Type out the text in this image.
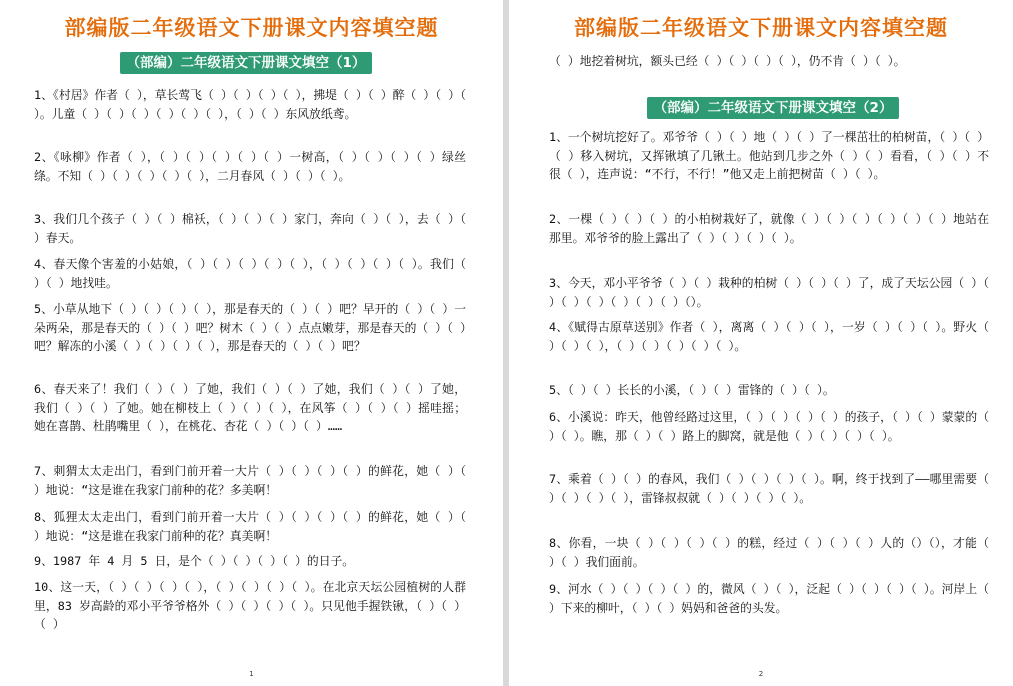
部编版二年级语文下册课文内容填空题
（部编）二年级语文下册课文填空（1）
1、《村居》作者（ ），草长莺飞（ ）（ ）（ ）（ ），拂堤（ ）（ ）醉（ ）（ ）（ ）。儿童（ ）（ ）（ ）（ ）（ ）（ ），（ ）（ ）东风放纸鸢。
2、《咏柳》作者（ ），（ ）（ ）（ ）（ ）（ ）一树高，（ ）（ ）（ ）（ ）绿丝绦。不知（ ）（ ）（ ）（ ）（ ），二月春风（ ）（ ）（ ）。
3、我们几个孩子（ ）（ ）棉袄，（ ）（ ）（ ）家门，奔向（ ）（ ），去（ ）（ ）春天。
4、春天像个害羞的小姑娘，（ ）（ ）（ ）（ ）（ ），（ ）（ ）（ ）（ ）。我们（ ）（ ）地找哇。
5、小草从地下（ ）（ ）（ ）（ ），那是春天的（ ）（ ）吧？早开的（ ）（ ）一朵两朵，那是春天的（ ）（ ）吧？树木（ ）（ ）点点嫩芽，那是春天的（ ）（ ）吧？解冻的小溪（ ）（ ）（ ）（ ），那是春天的（ ）（ ）吧？
6、春天来了！我们（ ）（ ）了她，我们（ ）（ ）了她，我们（ ）（ ）了她，我们（ ）（ ）了她。她在柳枝上（ ）（ ）（ ），在风筝（ ）（ ）（ ）摇哇摇；她在喜鹊、杜鹃嘴里（ ），在桃花、杏花（ ）（ ）（ ）……
7、刺猬太太走出门，看到门前开着一大片（ ）（ ）（ ）（ ）的鲜花，她（ ）（ ）地说：“这是谁在我家门前种的花？多美啊！
8、狐狸太太走出门，看到门前开着一大片（ ）（ ）（ ）（ ）的鲜花，她（ ）（ ）地说：“这是谁在我家门前种的花？真美啊！
9、1987 年 4 月 5 日，是个（ ）（ ）（ ）（ ）的日子。
10、这一天，（ ）（ ）（ ）（ ），（ ）（ ）（ ）（ ）。在北京天坛公园植树的人群里，83 岁高龄的邓小平爷爷格外（ ）（ ）（ ）（ ）。只见他手握铁锹，（ ）（ ）（ ）
1
部编版二年级语文下册课文内容填空题
（ ）地挖着树坑，额头已经（ ）（ ）（ ）（ ），仍不肯（ ）（ ）。
（部编）二年级语文下册课文填空（2）
1、一个树坑挖好了。邓爷爷（ ）（ ）地（ ）（ ）了一棵茁壮的柏树苗，（ ）（ ）（ ）移入树坑，又挥锹填了几锹土。他站到几步之外（ ）（ ）看看，（ ）（ ）不很（ ），连声说：“不行，不行！”他又走上前把树苗（ ）（ ）。
2、一棵（ ）（ ）（ ）的小柏树栽好了，就像（ ）（ ）（ ）（ ）（ ）（ ）地站在那里。邓爷爷的脸上露出了（ ）（ ）（ ）（ ）。
3、今天，邓小平爷爷（ ）（ ）栽种的柏树（ ）（ ）（ ）了，成了天坛公园（ ）（ ）（ ）（ ）（ ）（ ）（ ）（）。
4、《赋得古原草送别》作者（ ），离离（ ）（ ）（ ），一岁（ ）（ ）（ ）。野火（ ）（ ）（ ），（ ）（ ）（ ）（ ）（ ）。
5、（ ）（ ）长长的小溪，（ ）（ ）雷锋的（ ）（ ）。
6、小溪说：昨天，他曾经路过这里，（ ）（ ）（ ）（ ）的孩子，（ ）（ ）蒙蒙的（ ）（ ）。瞧，那（ ）（ ）路上的脚窝，就是他（ ）（ ）（ ）（ ）。
7、乘着（ ）（ ）的春风，我们（ ）（ ）（ ）（ ）。啊，终于找到了——哪里需要（ ）（ ）（ ）（ ），雷锋叔叔就（ ）（ ）（ ）（ ）。
8、你看，一块（ ）（ ）（ ）（ ）的糕，经过（ ）（ ）（ ）人的（）（），才能（ ）（ ）我们面前。
9、河水（ ）（ ）（ ）（ ）的，微风（ ）（ ），泛起（ ）（ ）（ ）（ ）。河岸上（ ）下来的柳叶，（ ）（ ）妈妈和爸爸的头发。
2
